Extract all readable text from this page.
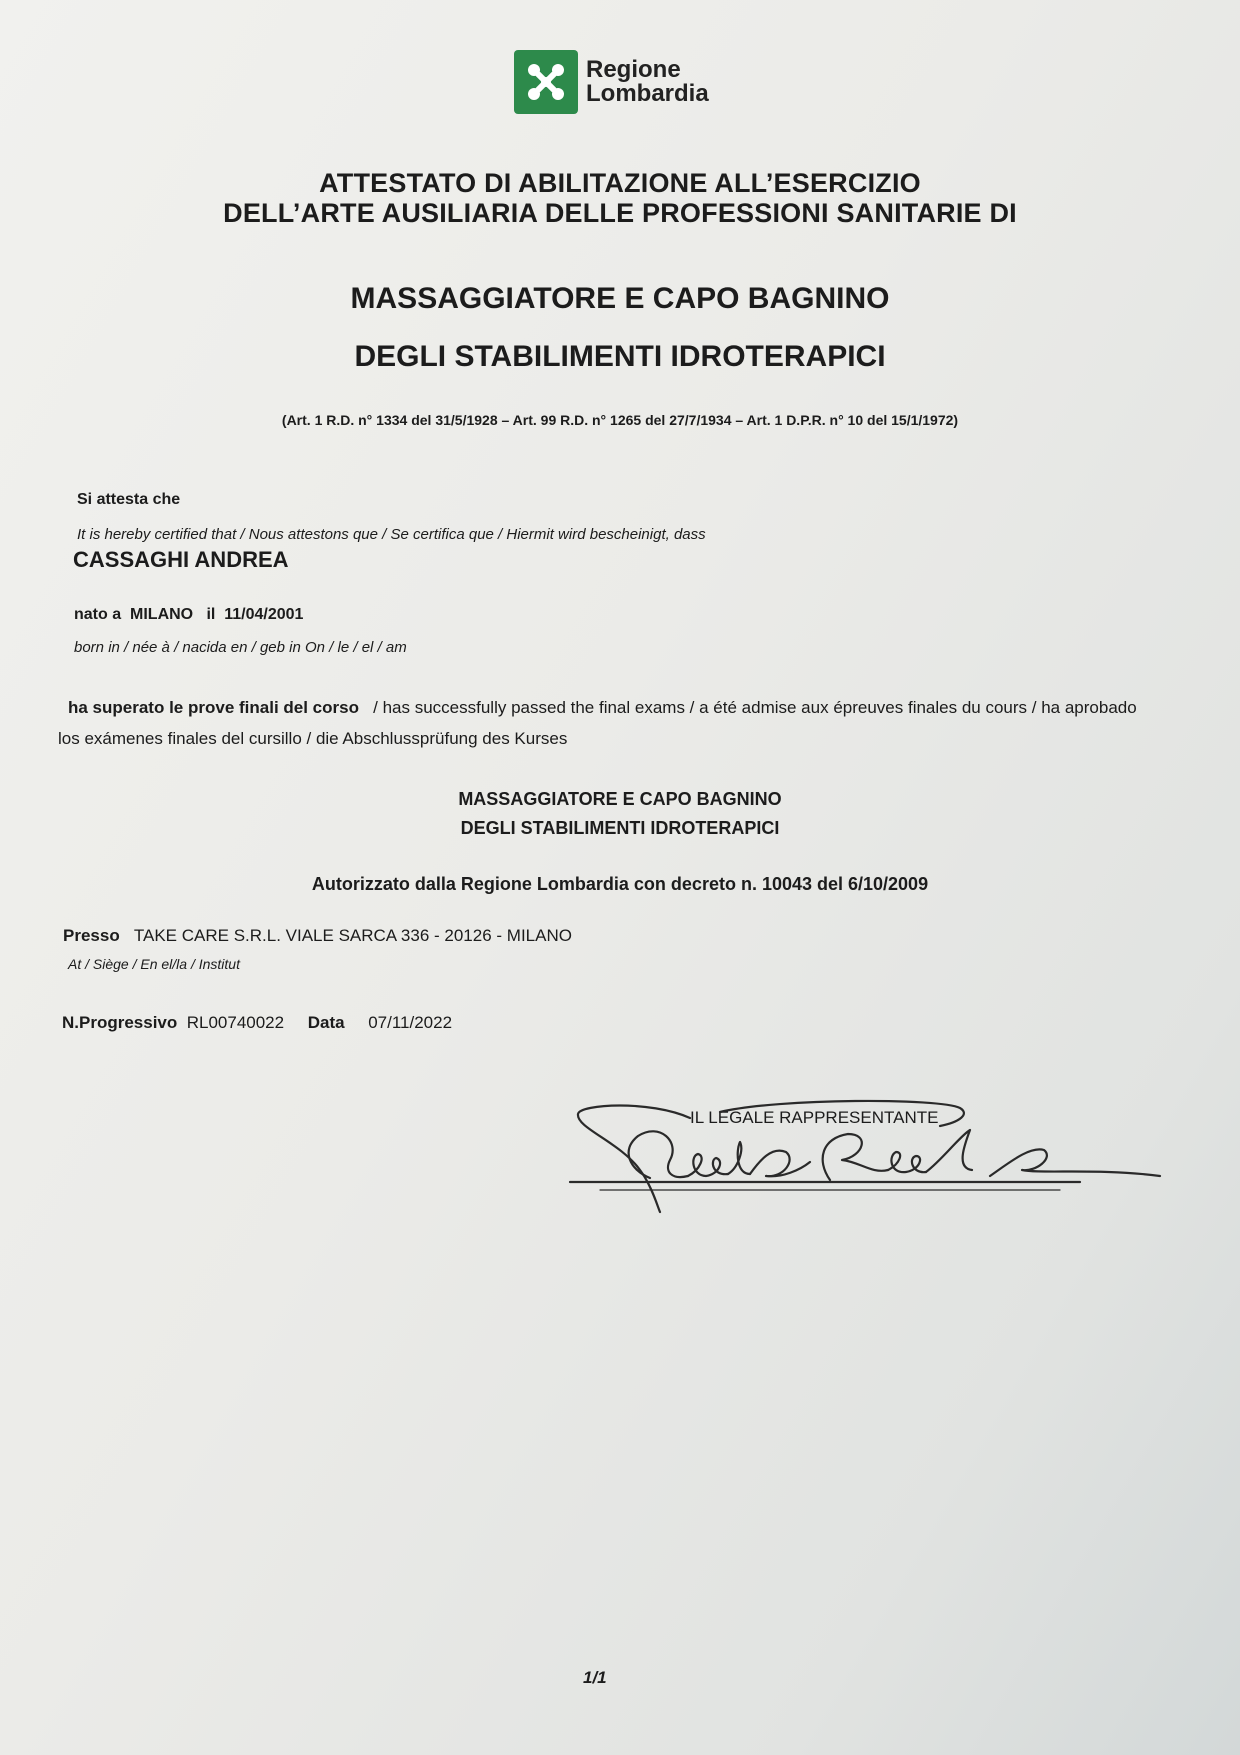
Regione
Lombardia
ATTESTATO DI ABILITAZIONE ALL’ESERCIZIO
DELL’ARTE AUSILIARIA DELLE PROFESSIONI SANITARIE DI
MASSAGGIATORE E CAPO BAGNINO
DEGLI STABILIMENTI IDROTERAPICI
(Art. 1 R.D. n° 1334 del 31/5/1928 – Art. 99 R.D. n° 1265 del 27/7/1934 – Art. 1 D.P.R. n° 10 del 15/1/1972)
Si attesta che
It is hereby certified that / Nous attestons que / Se certifica que / Hiermit wird bescheinigt, dass
CASSAGHI ANDREA
nato a MILANO il 11/04/2001
born in / née à / nacida en / geb in On / le / el / am
ha superato le prove finali del corso / has successfully passed the final exams / a été admise aux épreuves finales du cours / ha aprobado
los exámenes finales del cursillo / die Abschlussprüfung des Kurses
MASSAGGIATORE E CAPO BAGNINO
DEGLI STABILIMENTI IDROTERAPICI
Autorizzato dalla Regione Lombardia con decreto n. 10043 del 6/10/2009
Presso TAKE CARE S.R.L. VIALE SARCA 336 - 20126 - MILANO
At / Siège / En el/la / Institut
N.Progressivo RL00740022 Data 07/11/2022
IL LEGALE RAPPRESENTANTE
1/1
